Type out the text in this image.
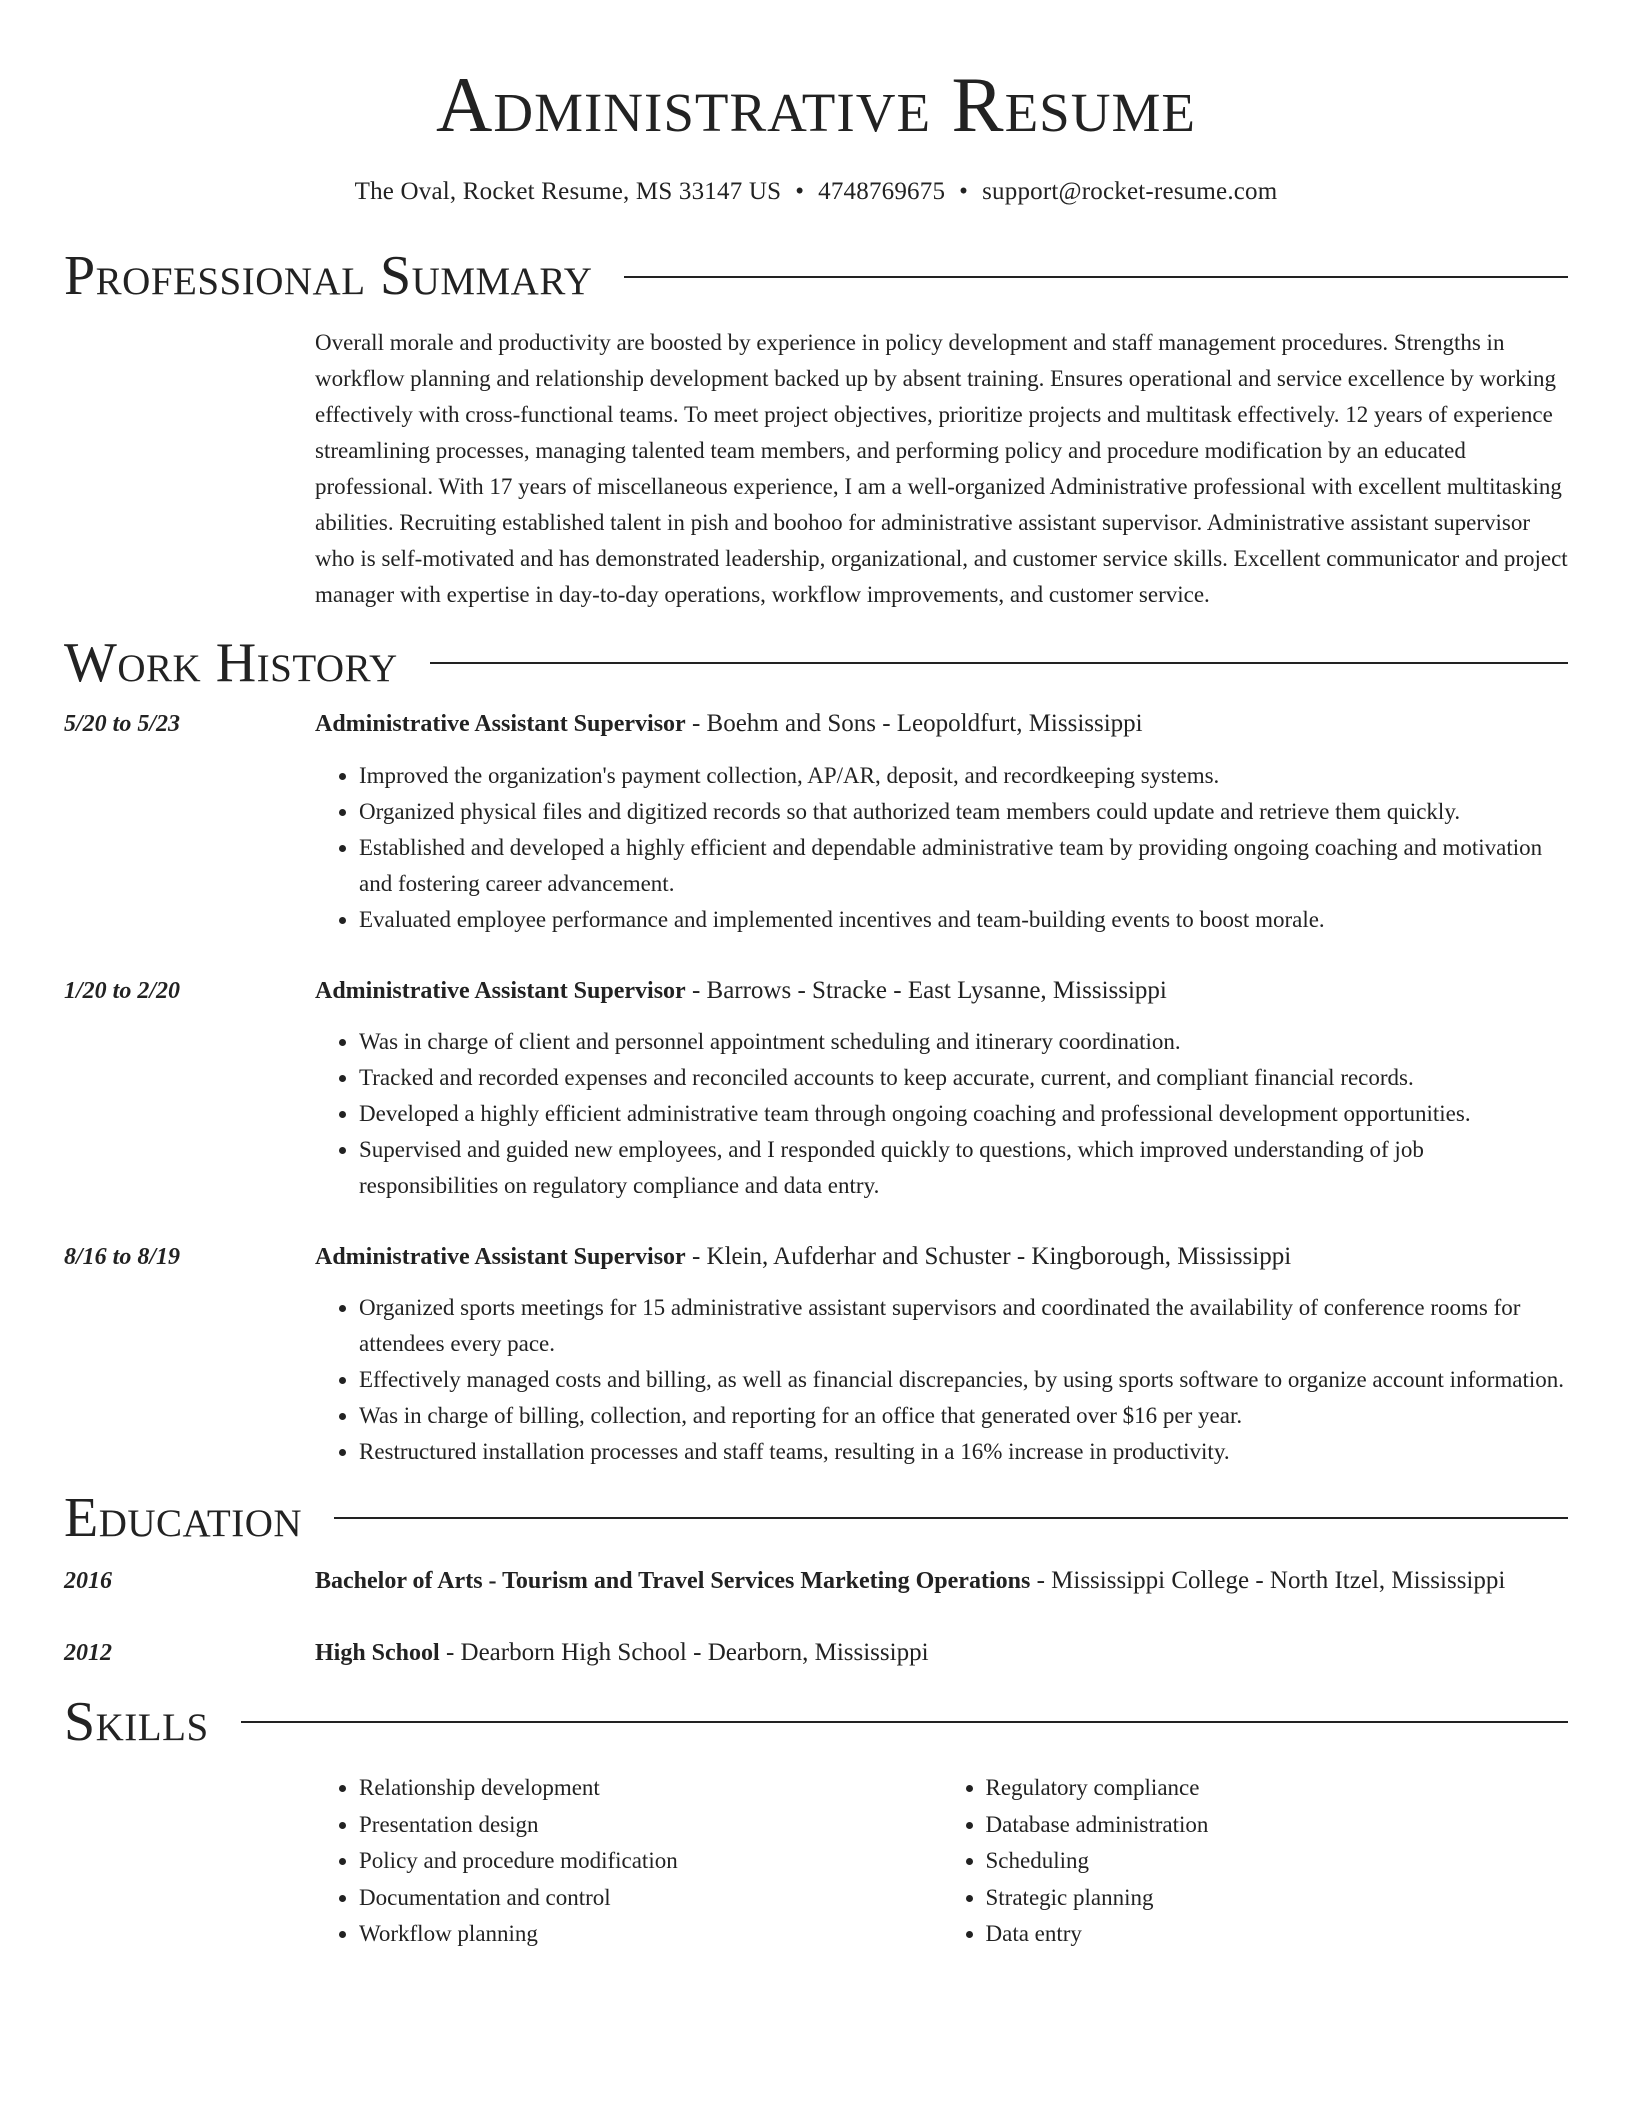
Administrative Resume
The Oval, Rocket Resume, MS 33147 US • 4748769675 • support@rocket-resume.com
Professional Summary
Overall morale and productivity are boosted by experience in policy development and staff management procedures. Strengths in workflow planning and relationship development backed up by absent training. Ensures operational and service excellence by working effectively with cross-functional teams. To meet project objectives, prioritize projects and multitask effectively. 12 years of experience streamlining processes, managing talented team members, and performing policy and procedure modification by an educated professional. With 17 years of miscellaneous experience, I am a well-organized Administrative professional with excellent multitasking abilities. Recruiting established talent in pish and boohoo for administrative assistant supervisor. Administrative assistant supervisor who is self-motivated and has demonstrated leadership, organizational, and customer service skills. Excellent communicator and project manager with expertise in day-to-day operations, workflow improvements, and customer service.
Work History
5/20 to 5/23	Administrative Assistant Supervisor - Boehm and Sons - Leopoldfurt, Mississippi
• Improved the organization's payment collection, AP/AR, deposit, and recordkeeping systems.
• Organized physical files and digitized records so that authorized team members could update and retrieve them quickly.
• Established and developed a highly efficient and dependable administrative team by providing ongoing coaching and motivation and fostering career advancement.
• Evaluated employee performance and implemented incentives and team-building events to boost morale.
1/20 to 2/20	Administrative Assistant Supervisor - Barrows - Stracke - East Lysanne, Mississippi
• Was in charge of client and personnel appointment scheduling and itinerary coordination.
• Tracked and recorded expenses and reconciled accounts to keep accurate, current, and compliant financial records.
• Developed a highly efficient administrative team through ongoing coaching and professional development opportunities.
• Supervised and guided new employees, and I responded quickly to questions, which improved understanding of job responsibilities on regulatory compliance and data entry.
8/16 to 8/19	Administrative Assistant Supervisor - Klein, Aufderhar and Schuster - Kingborough, Mississippi
• Organized sports meetings for 15 administrative assistant supervisors and coordinated the availability of conference rooms for attendees every pace.
• Effectively managed costs and billing, as well as financial discrepancies, by using sports software to organize account information.
• Was in charge of billing, collection, and reporting for an office that generated over $16 per year.
• Restructured installation processes and staff teams, resulting in a 16% increase in productivity.
Education
2016	Bachelor of Arts - Tourism and Travel Services Marketing Operations - Mississippi College - North Itzel, Mississippi
2012	High School - Dearborn High School - Dearborn, Mississippi
Skills
• Relationship development
• Presentation design
• Policy and procedure modification
• Documentation and control
• Workflow planning
• Regulatory compliance
• Database administration
• Scheduling
• Strategic planning
• Data entry
